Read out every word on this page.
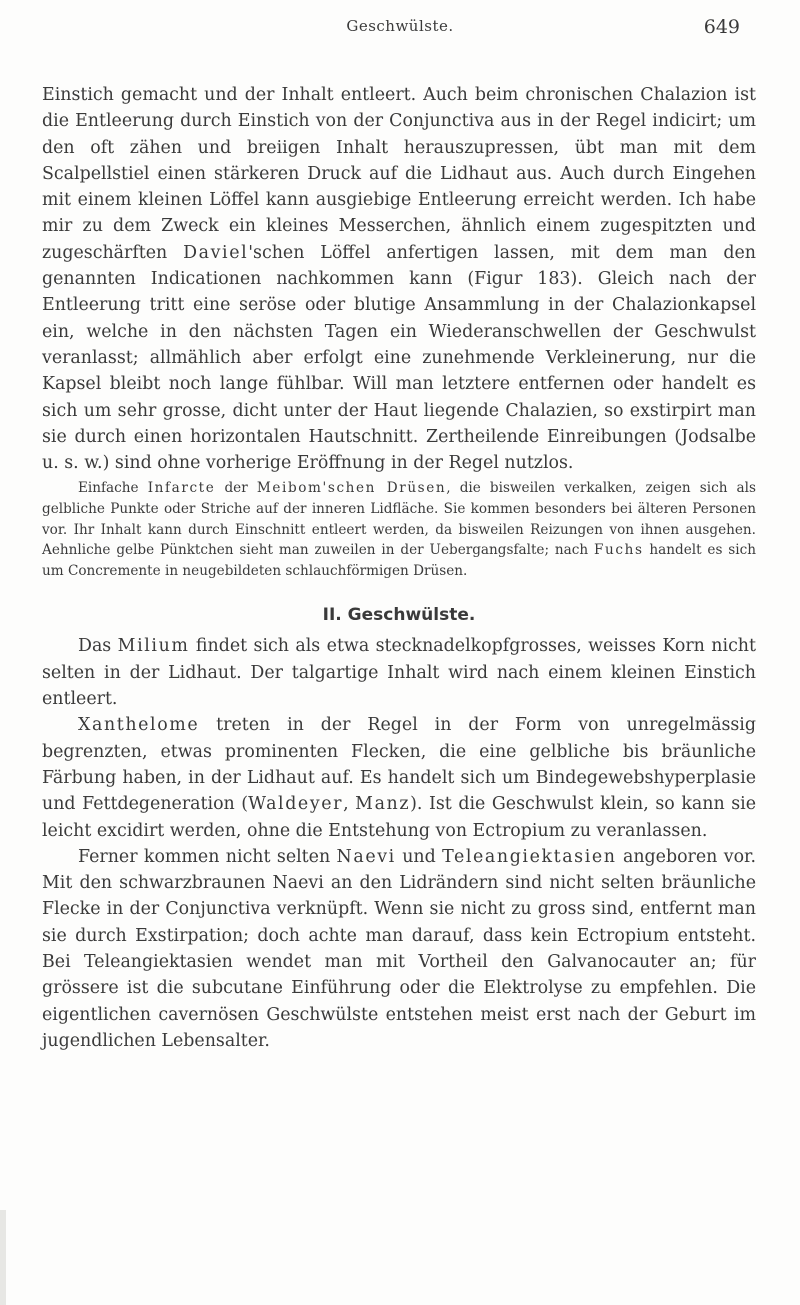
Geschwülste.	649

Einstich gemacht und der Inhalt entleert. Auch beim chronischen Chalazion ist die Entleerung durch Einstich von der Conjunctiva aus in der Regel indicirt; um den oft zähen und breiigen Inhalt herauszupressen, übt man mit dem Scalpellstiel einen stärkeren Druck auf die Lidhaut aus. Auch durch Eingehen mit einem kleinen Löffel kann ausgiebige Entleerung erreicht werden. Ich habe mir zu dem Zweck ein kleines Messerchen, ähnlich einem zugespitzten und zugeschärften Daviel'schen Löffel anfertigen lassen, mit dem man den genannten Indicationen nachkommen kann (Figur 183). Gleich nach der Entleerung tritt eine seröse oder blutige Ansammlung in der Chalazionkapsel ein, welche in den nächsten Tagen ein Wiederanschwellen der Geschwulst veranlasst; allmählich aber erfolgt eine zunehmende Verkleinerung, nur die Kapsel bleibt noch lange fühlbar. Will man letztere entfernen oder handelt es sich um sehr grosse, dicht unter der Haut liegende Chalazien, so exstirpirt man sie durch einen horizontalen Hautschnitt. Zertheilende Einreibungen (Jodsalbe u. s. w.) sind ohne vorherige Eröffnung in der Regel nutzlos.

Einfache Infarcte der Meibom'schen Drüsen, die bisweilen verkalken, zeigen sich als gelbliche Punkte oder Striche auf der inneren Lidfläche. Sie kommen besonders bei älteren Personen vor. Ihr Inhalt kann durch Einschnitt entleert werden, da bisweilen Reizungen von ihnen ausgehen. Aehnliche gelbe Pünktchen sieht man zuweilen in der Uebergangsfalte; nach Fuchs handelt es sich um Concremente in neugebildeten schlauchförmigen Drüsen.

II. Geschwülste.

Das Milium findet sich als etwa stecknadelkopfgrosses, weisses Korn nicht selten in der Lidhaut. Der talgartige Inhalt wird nach einem kleinen Einstich entleert.

Xanthelome treten in der Regel in der Form von unregelmässig begrenzten, etwas prominenten Flecken, die eine gelbliche bis bräunliche Färbung haben, in der Lidhaut auf. Es handelt sich um Bindegewebshyperplasie und Fettdegeneration (Waldeyer, Manz). Ist die Geschwulst klein, so kann sie leicht excidirt werden, ohne die Entstehung von Ectropium zu veranlassen.

Ferner kommen nicht selten Naevi und Teleangiektasien angeboren vor. Mit den schwarzbraunen Naevi an den Lidrändern sind nicht selten bräunliche Flecke in der Conjunctiva verknüpft. Wenn sie nicht zu gross sind, entfernt man sie durch Exstirpation; doch achte man darauf, dass kein Ectropium entsteht. Bei Teleangiektasien wendet man mit Vortheil den Galvanocauter an; für grössere ist die subcutane Einführung oder die Elektrolyse zu empfehlen. Die eigentlichen cavernösen Geschwülste entstehen meist erst nach der Geburt im jugendlichen Lebensalter.
